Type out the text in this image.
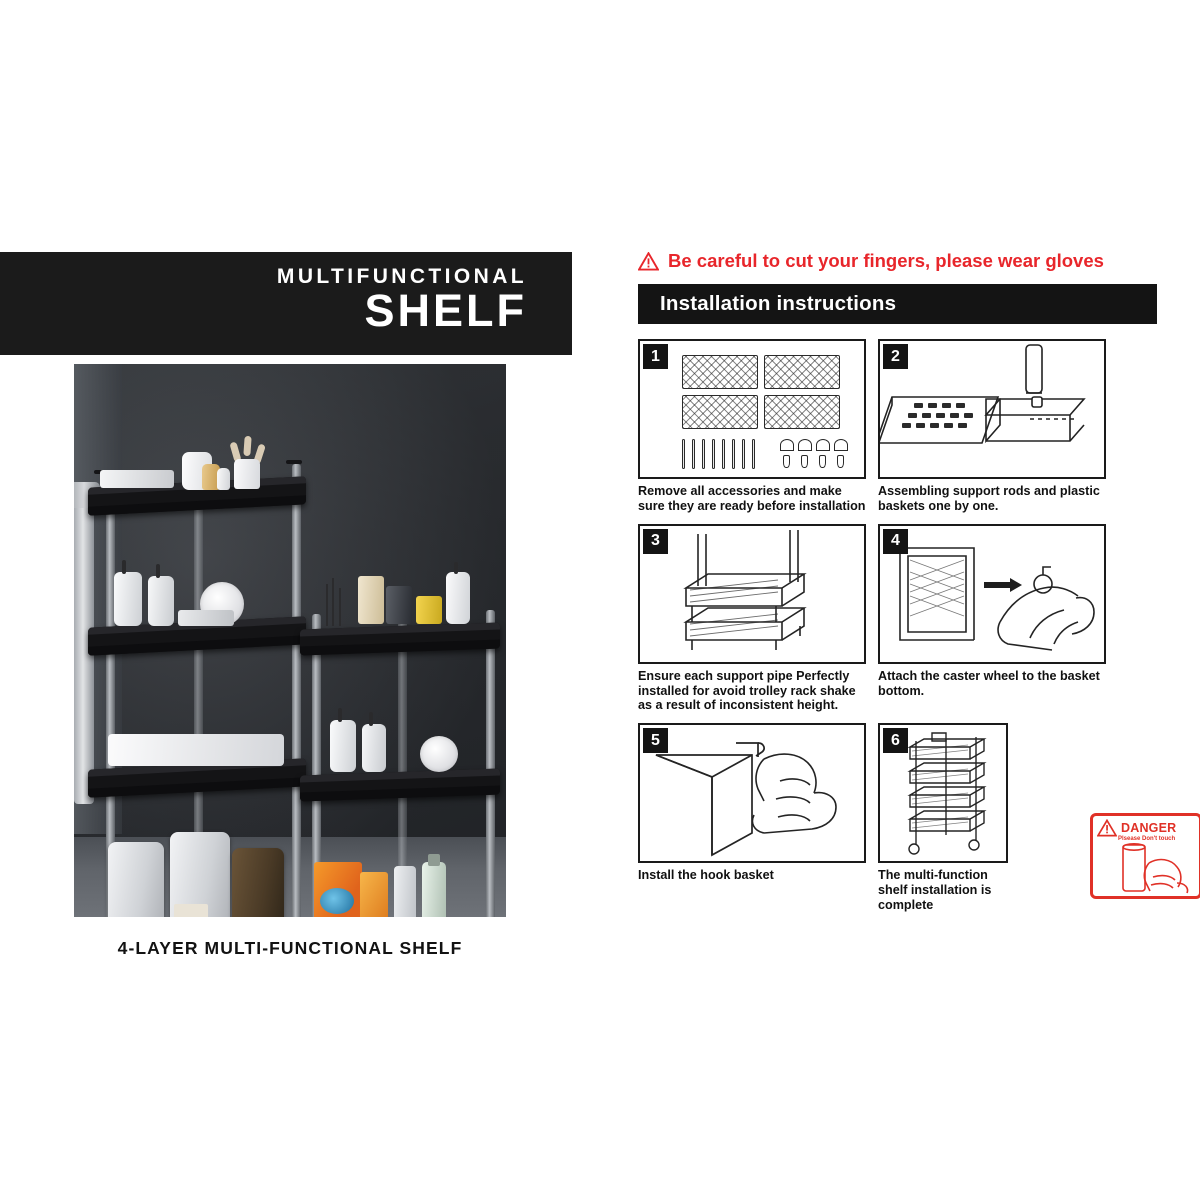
MULTIFUNCTIONAL
SHELF
4-LAYER MULTI-FUNCTIONAL SHELF
Be careful to cut your fingers, please wear gloves
Installation instructions
1
Remove all accessories and make sure they are ready before installation
2
Assembling support rods and plastic baskets one by one.
3
Ensure each support pipe Perfectly installed for avoid trolley rack shake as a result of inconsistent height.
4
Attach the caster wheel to the basket bottom.
5
Install the hook basket
6
The multi-function shelf installation is complete
DANGER
Plsease Don't touch
